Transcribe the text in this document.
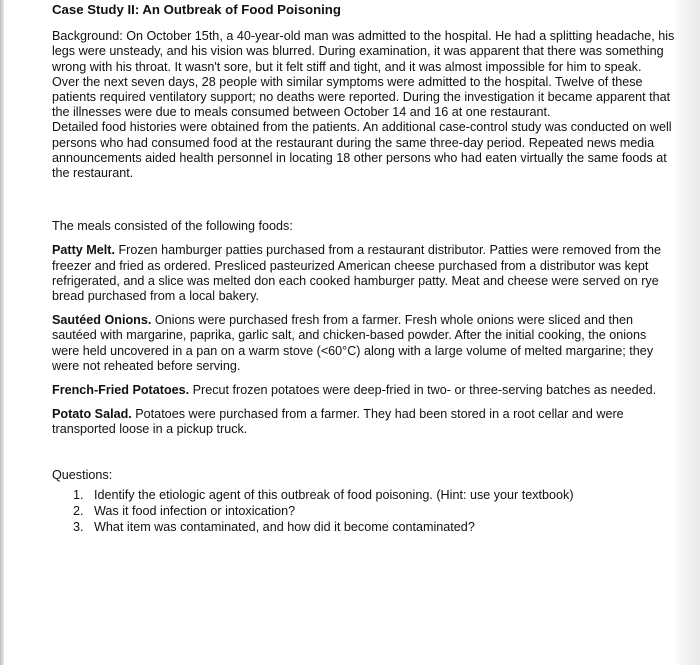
Case Study II: An Outbreak of Food Poisoning

Background: On October 15th, a 40-year-old man was admitted to the hospital. He had a splitting headache, his legs were unsteady, and his vision was blurred. During examination, it was apparent that there was something wrong with his throat. It wasn't sore, but it felt stiff and tight, and it was almost impossible for him to speak.

Over the next seven days, 28 people with similar symptoms were admitted to the hospital. Twelve of these patients required ventilatory support; no deaths were reported. During the investigation it became apparent that the illnesses were due to meals consumed between October 14 and 16 at one restaurant.

Detailed food histories were obtained from the patients. An additional case-control study was conducted on well persons who had consumed food at the restaurant during the same three-day period. Repeated news media announcements aided health personnel in locating 18 other persons who had eaten virtually the same foods at the restaurant.

The meals consisted of the following foods:

Patty Melt. Frozen hamburger patties purchased from a restaurant distributor. Patties were removed from the freezer and fried as ordered. Presliced pasteurized American cheese purchased from a distributor was kept refrigerated, and a slice was melted don each cooked hamburger patty. Meat and cheese were served on rye bread purchased from a local bakery.

Sautéed Onions. Onions were purchased fresh from a farmer. Fresh whole onions were sliced and then sautéed with margarine, paprika, garlic salt, and chicken-based powder. After the initial cooking, the onions were held uncovered in a pan on a warm stove (<60°C) along with a large volume of melted margarine; they were not reheated before serving.

French-Fried Potatoes. Precut frozen potatoes were deep-fried in two- or three-serving batches as needed.

Potato Salad. Potatoes were purchased from a farmer. They had been stored in a root cellar and were transported loose in a pickup truck.

Questions:

1. Identify the etiologic agent of this outbreak of food poisoning. (Hint: use your textbook)
2. Was it food infection or intoxication?
3. What item was contaminated, and how did it become contaminated?
